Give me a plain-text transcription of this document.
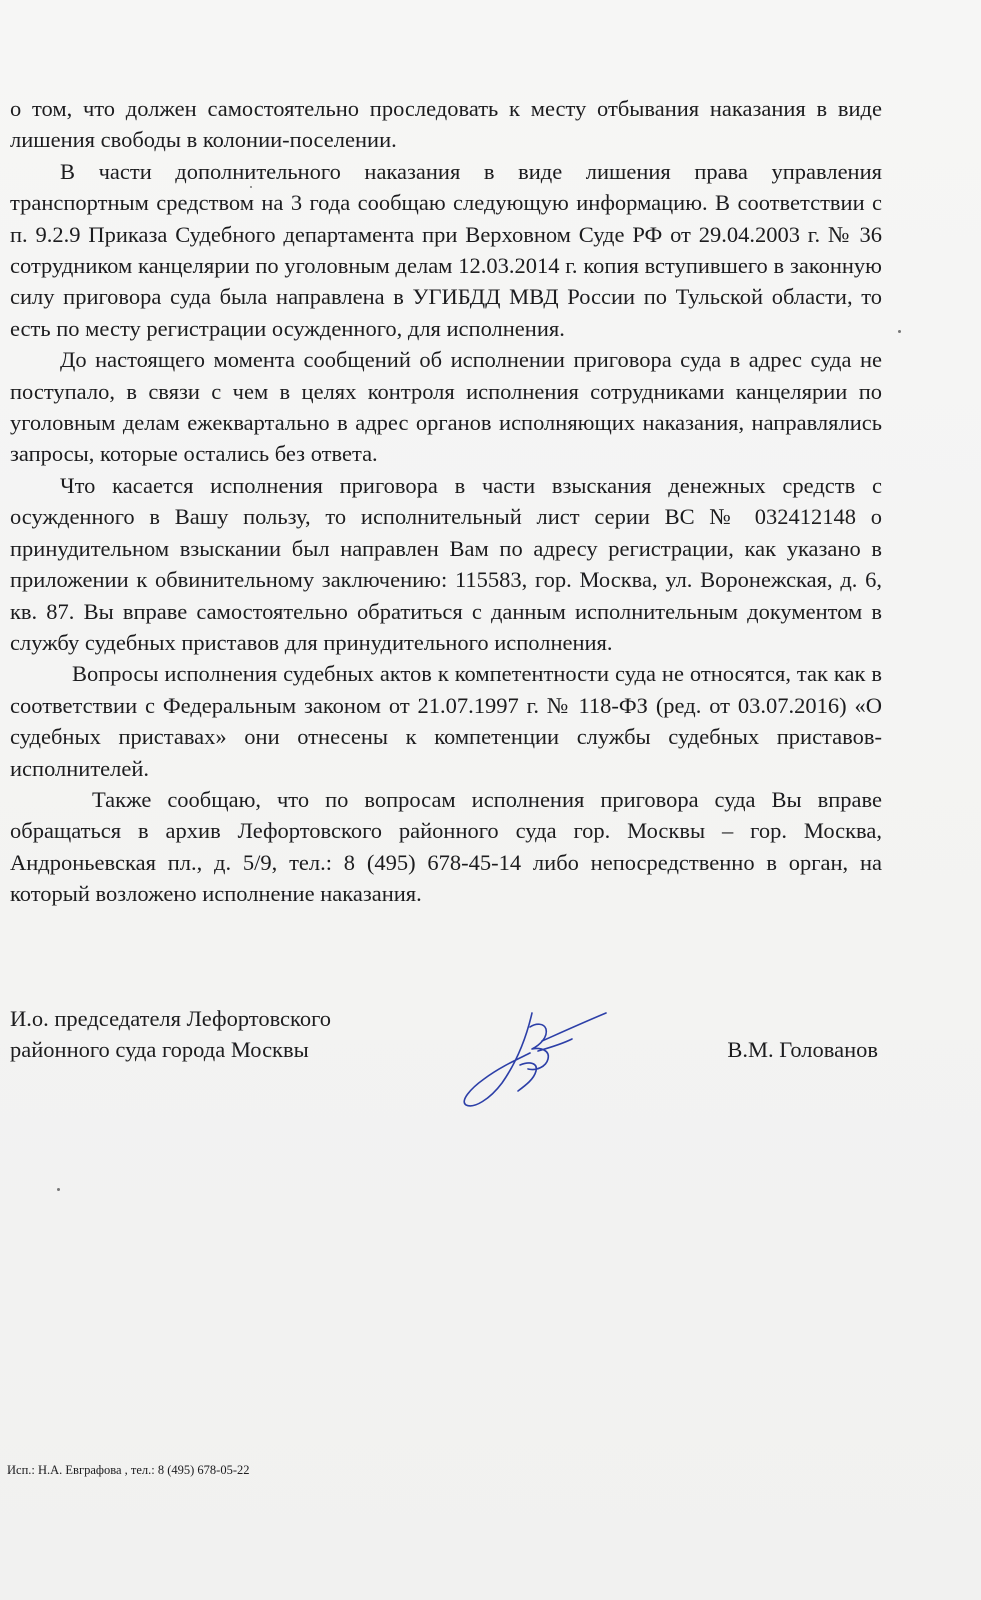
о том, что должен самостоятельно проследовать к месту отбывания наказания в виде лишения свободы в колонии-поселении.

В части дополнительного наказания в виде лишения права управления транспортным средством на 3 года сообщаю следующую информацию. В соответствии с п. 9.2.9 Приказа Судебного департамента при Верховном Суде РФ от 29.04.2003 г. № 36 сотрудником канцелярии по уголовным делам 12.03.2014 г. копия вступившего в законную силу приговора суда была направлена в УГИБДД МВД России по Тульской области, то есть по месту регистрации осужденного, для исполнения.

До настоящего момента сообщений об исполнении приговора суда в адрес суда не поступало, в связи с чем в целях контроля исполнения сотрудниками канцелярии по уголовным делам ежеквартально в адрес органов исполняющих наказания, направлялись запросы, которые остались без ответа.

Что касается исполнения приговора в части взыскания денежных средств с осужденного в Вашу пользу, то исполнительный лист серии ВС № 032412148 о принудительном взыскании был направлен Вам по адресу регистрации, как указано в приложении к обвинительному заключению: 115583, гор. Москва, ул. Воронежская, д. 6, кв. 87. Вы вправе самостоятельно обратиться с данным исполнительным документом в службу судебных приставов для принудительного исполнения.

Вопросы исполнения судебных актов к компетентности суда не относятся, так как в соответствии с Федеральным законом от 21.07.1997 г. № 118-ФЗ (ред. от 03.07.2016) «О судебных приставах» они отнесены к компетенции службы судебных приставов-исполнителей.

Также сообщаю, что по вопросам исполнения приговора суда Вы вправе обращаться в архив Лефортовского районного суда гор. Москвы – гор. Москва, Андроньевская пл., д. 5/9, тел.: 8 (495) 678-45-14 либо непосредственно в орган, на который возложено исполнение наказания.

И.о. председателя Лефортовского
районного суда города Москвы	В.М. Голованов
Исп.: Н.А. Евграфова , тел.: 8 (495) 678-05-22
